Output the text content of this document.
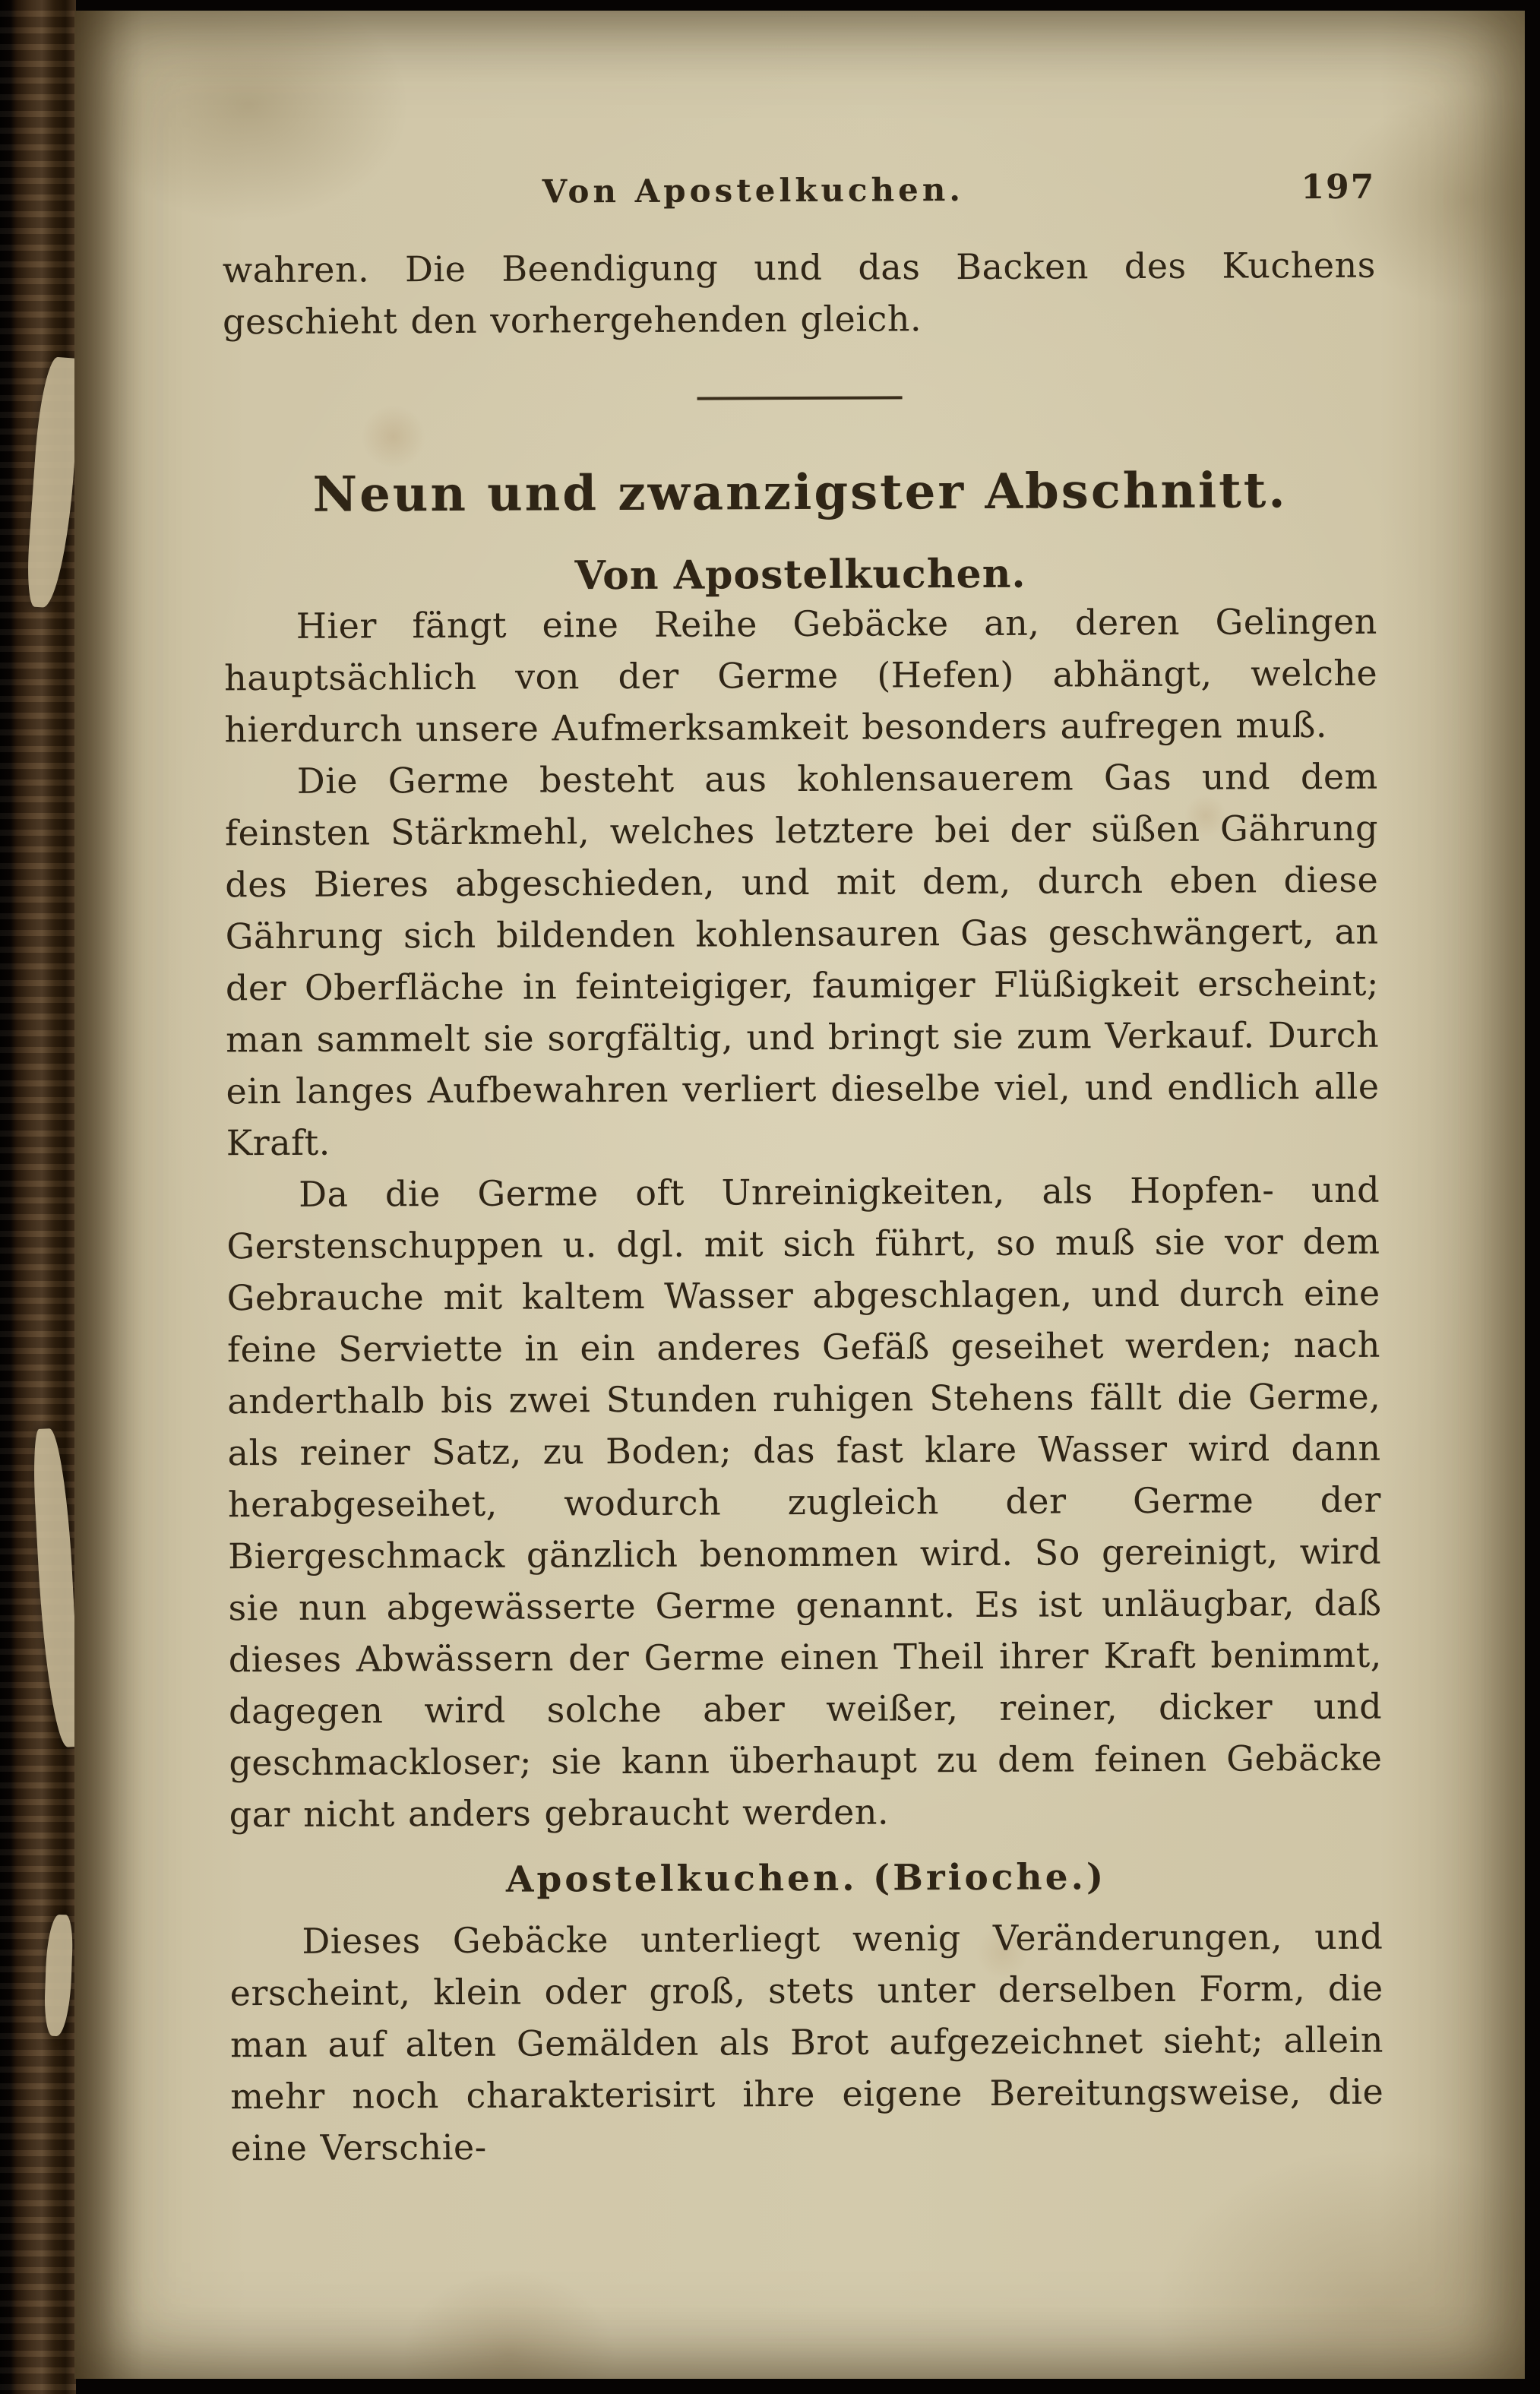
Von Apostelkuchen.	197

wahren. Die Beendigung und das Backen des Kuchens geschieht den vorhergehenden gleich.

Neun und zwanzigster Abschnitt.
Von Apostelkuchen.

Hier fängt eine Reihe Gebäcke an, deren Gelingen hauptsächlich von der Germe (Hefen) abhängt, welche hierdurch unsere Aufmerksamkeit besonders aufregen muß.

Die Germe besteht aus kohlensauerem Gas und dem feinsten Stärkmehl, welches letztere bei der süßen Gährung des Bieres abgeschieden, und mit dem, durch eben diese Gährung sich bildenden kohlensauren Gas geschwängert, an der Oberfläche in feinteigiger, faumiger Flüßigkeit erscheint; man sammelt sie sorgfältig, und bringt sie zum Verkauf. Durch ein langes Aufbewahren verliert dieselbe viel, und endlich alle Kraft.

Da die Germe oft Unreinigkeiten, als Hopfen- und Gerstenschuppen u. dgl. mit sich führt, so muß sie vor dem Gebrauche mit kaltem Wasser abgeschlagen, und durch eine feine Serviette in ein anderes Gefäß geseihet werden; nach anderthalb bis zwei Stunden ruhigen Stehens fällt die Germe, als reiner Satz, zu Boden; das fast klare Wasser wird dann herabgeseihet, wodurch zugleich der Germe der Biergeschmack gänzlich benommen wird. So gereinigt, wird sie nun abgewässerte Germe genannt. Es ist unläugbar, daß dieses Abwässern der Germe einen Theil ihrer Kraft benimmt, dagegen wird solche aber weißer, reiner, dicker und geschmackloser; sie kann überhaupt zu dem feinen Gebäcke gar nicht anders gebraucht werden.

Apostelkuchen. (Brioche.)

Dieses Gebäcke unterliegt wenig Veränderungen, und erscheint, klein oder groß, stets unter derselben Form, die man auf alten Gemälden als Brot aufgezeichnet sieht; allein mehr noch charakterisirt ihre eigene Bereitungsweise, die eine Verschie-
